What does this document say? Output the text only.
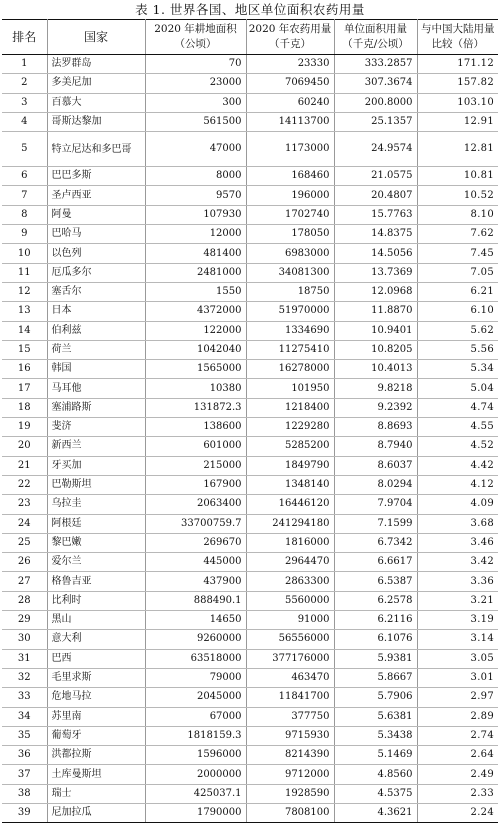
表 1. 世界各国、地区单位面积农药用量
排名	国家	2020 年耕地面积（公顷）	2020 年农药用量（千克）	单位面积用量（千克/公顷）	与中国大陆用量比较（倍）
1	法罗群岛	70	23330	333.2857	171.12
2	多美尼加	23000	7069450	307.3674	157.82
3	百慕大	300	60240	200.8000	103.10
4	哥斯达黎加	561500	14113700	25.1357	12.91
5	特立尼达和多巴哥	47000	1173000	24.9574	12.81
6	巴巴多斯	8000	168460	21.0575	10.81
7	圣卢西亚	9570	196000	20.4807	10.52
8	阿曼	107930	1702740	15.7763	8.10
9	巴哈马	12000	178050	14.8375	7.62
10	以色列	481400	6983000	14.5056	7.45
11	厄瓜多尔	2481000	34081300	13.7369	7.05
12	塞舌尔	1550	18750	12.0968	6.21
13	日本	4372000	51970000	11.8870	6.10
14	伯利兹	122000	1334690	10.9401	5.62
15	荷兰	1042040	11275410	10.8205	5.56
16	韩国	1565000	16278000	10.4013	5.34
17	马耳他	10380	101950	9.8218	5.04
18	塞浦路斯	131872.3	1218400	9.2392	4.74
19	斐济	138600	1229280	8.8693	4.55
20	新西兰	601000	5285200	8.7940	4.52
21	牙买加	215000	1849790	8.6037	4.42
22	巴勒斯坦	167900	1348140	8.0294	4.12
23	乌拉圭	2063400	16446120	7.9704	4.09
24	阿根廷	33700759.7	241294180	7.1599	3.68
25	黎巴嫩	269670	1816000	6.7342	3.46
26	爱尔兰	445000	2964470	6.6617	3.42
27	格鲁吉亚	437900	2863300	6.5387	3.36
28	比利时	888490.1	5560000	6.2578	3.21
29	黑山	14650	91000	6.2116	3.19
30	意大利	9260000	56556000	6.1076	3.14
31	巴西	63518000	377176000	5.9381	3.05
32	毛里求斯	79000	463470	5.8667	3.01
33	危地马拉	2045000	11841700	5.7906	2.97
34	苏里南	67000	377750	5.6381	2.89
35	葡萄牙	1818159.3	9715930	5.3438	2.74
36	洪都拉斯	1596000	8214390	5.1469	2.64
37	土库曼斯坦	2000000	9712000	4.8560	2.49
38	瑞士	425037.1	1928590	4.5375	2.33
39	尼加拉瓜	1790000	7808100	4.3621	2.24
